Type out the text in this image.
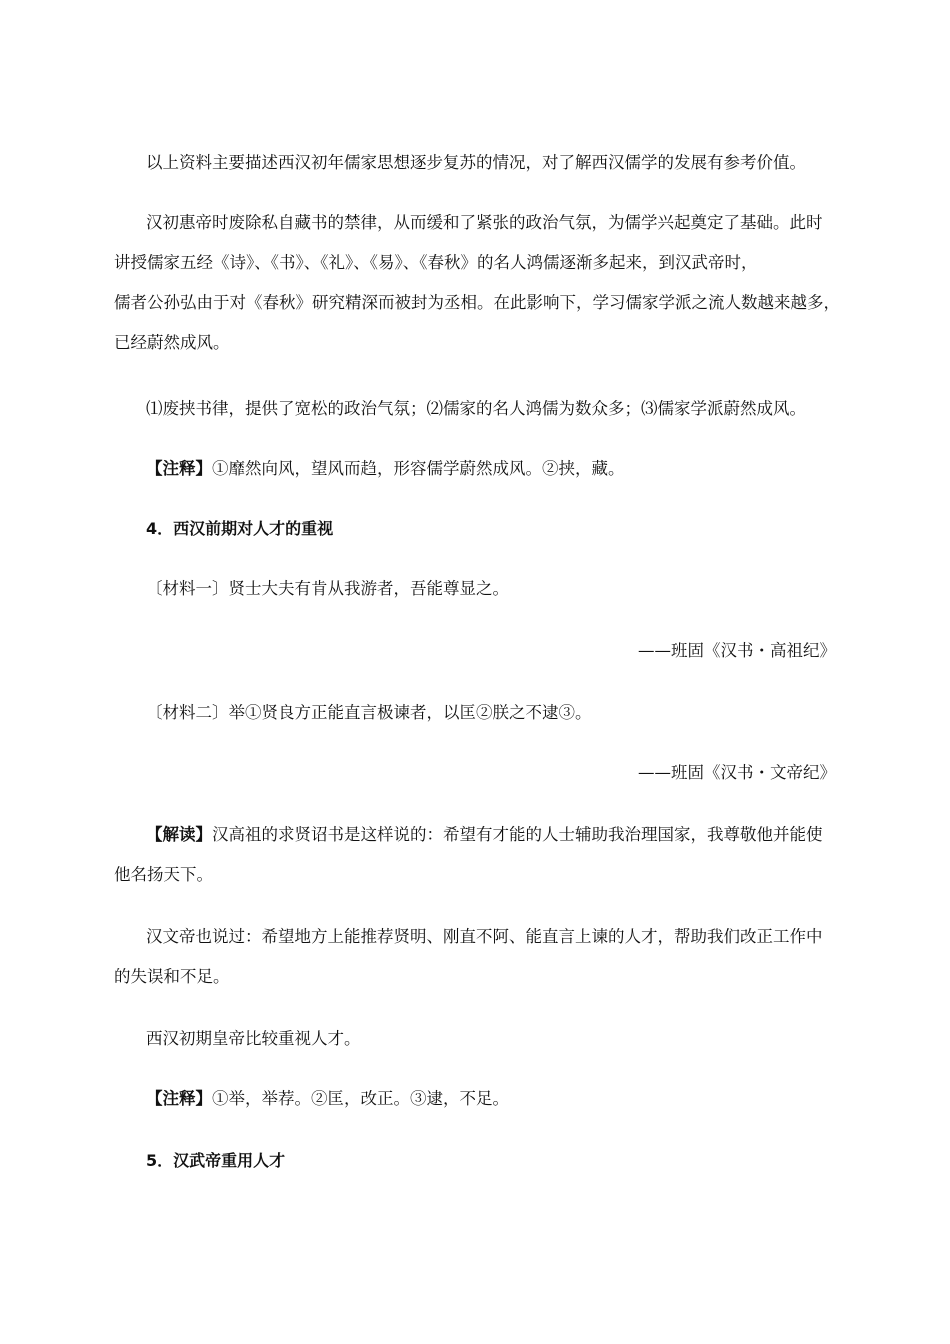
以上资料主要描述西汉初年儒家思想逐步复苏的情况，对了解西汉儒学的发展有参考价值。
汉初惠帝时废除私自藏书的禁律，从而缓和了紧张的政治气氛，为儒学兴起奠定了基础。此时
讲授儒家五经《诗》、《书》、《礼》、《易》、《春秋》的名人鸿儒逐渐多起来，到汉武帝时，
儒者公孙弘由于对《春秋》研究精深而被封为丞相。在此影响下，学习儒家学派之流人数越来越多，
已经蔚然成风。
⑴废挟书律，提供了宽松的政治气氛；⑵儒家的名人鸿儒为数众多；⑶儒家学派蔚然成风。
【注释】①靡然向风，望风而趋，形容儒学蔚然成风。②挟，藏。
4．西汉前期对人才的重视
〔材料一〕贤士大夫有肯从我游者，吾能尊显之。
——班固《汉书・高祖纪》
〔材料二〕举①贤良方正能直言极谏者，以匡②朕之不逮③。
——班固《汉书・文帝纪》
【解读】汉高祖的求贤诏书是这样说的：希望有才能的人士辅助我治理国家，我尊敬他并能使
他名扬天下。
汉文帝也说过：希望地方上能推荐贤明、刚直不阿、能直言上谏的人才，帮助我们改正工作中
的失误和不足。
西汉初期皇帝比较重视人才。
【注释】①举，举荐。②匡，改正。③逮，不足。
5．汉武帝重用人才
